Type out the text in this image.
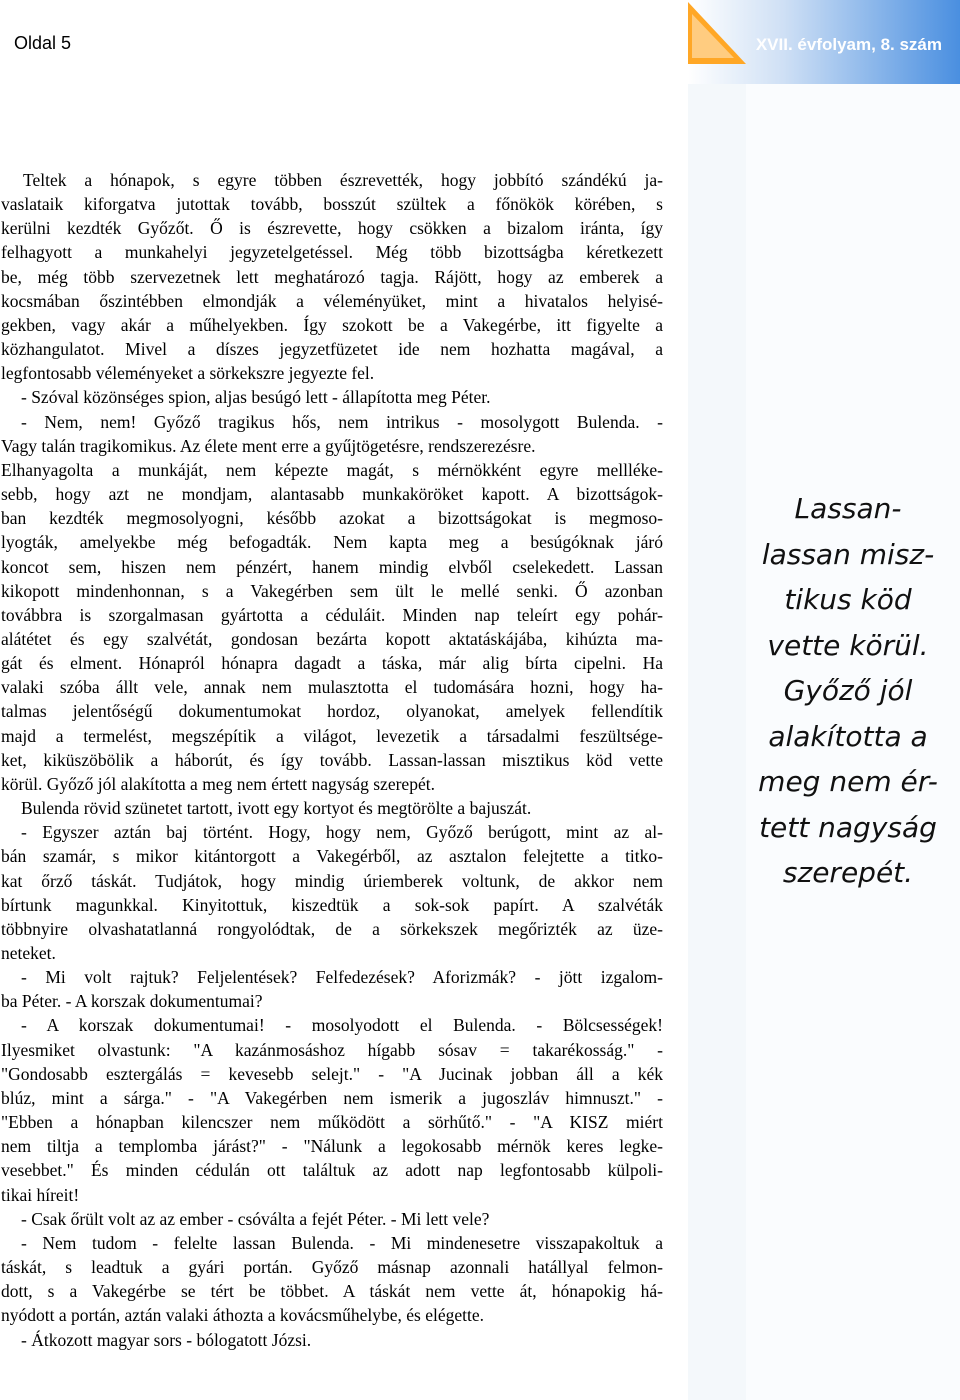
Oldal 5	XVII. évfolyam, 8. szám
Lassan-
lassan misz-
tikus köd
vette körül.
Győző jól
alakította a
meg nem ér-
tett nagyság
szerepét.

Teltek a hónapok, s egyre többen észrevették, hogy jobbító szándékú ja-
vaslataik kiforgatva jutottak tovább, bosszút szültek a főnökök körében, s
kerülni kezdték Győzőt. Ő is észrevette, hogy csökken a bizalom iránta, így
felhagyott a munkahelyi jegyzetelgetéssel. Még több bizottságba kéretkezett
be, még több szervezetnek lett meghatározó tagja. Rájött, hogy az emberek a
kocsmában őszintébben elmondják a véleményüket, mint a hivatalos helyisé-
gekben, vagy akár a műhelyekben. Így szokott be a Vakegérbe, itt figyelte a
közhangulatot. Mivel a díszes jegyzetfüzetet ide nem hozhatta magával, a
legfontosabb véleményeket a sörkekszre jegyezte fel.

- Szóval közönséges spion, aljas besúgó lett - állapította meg Péter.

- Nem, nem! Győző tragikus hős, nem intrikus - mosolygott Bulenda. -
Vagy talán tragikomikus. Az élete ment erre a gyűjtögetésre, rendszerezésre.
Elhanyagolta a munkáját, nem képezte magát, s mérnökként egyre mellléke-
sebb, hogy azt ne mondjam, alantasabb munkaköröket kapott. A bizottságok-
ban kezdték megmosolyogni, később azokat a bizottságokat is megmoso-
lyogták, amelyekbe még befogadták. Nem kapta meg a besúgóknak járó
koncot sem, hiszen nem pénzért, hanem mindig elvből cselekedett. Lassan
kikopott mindenhonnan, s a Vakegérben sem ült le mellé senki. Ő azonban
továbbra is szorgalmasan gyártotta a céduláit. Minden nap teleírt egy pohár-
alátétet és egy szalvétát, gondosan bezárta kopott aktatáskájába, kihúzta ma-
gát és elment. Hónapról hónapra dagadt a táska, már alig bírta cipelni. Ha
valaki szóba állt vele, annak nem mulasztotta el tudomására hozni, hogy ha-
talmas jelentőségű dokumentumokat hordoz, olyanokat, amelyek fellendítik
majd a termelést, megszépítik a világot, levezetik a társadalmi feszültsége-
ket, kiküszöbölik a háborút, és így tovább. Lassan-lassan misztikus köd vette
körül. Győző jól alakította a meg nem értett nagyság szerepét.

Bulenda rövid szünetet tartott, ivott egy kortyot és megtörölte a bajuszát.

- Egyszer aztán baj történt. Hogy, hogy nem, Győző berúgott, mint az al-
bán szamár, s mikor kitántorgott a Vakegérből, az asztalon felejtette a titko-
kat őrző táskát. Tudjátok, hogy mindig úriemberek voltunk, de akkor nem
bírtunk magunkkal. Kinyitottuk, kiszedtük a sok-sok papírt. A szalvéták
többnyire olvashatatlanná rongyolódtak, de a sörkekszek megőrizték az üze-
neteket.

- Mi volt rajtuk? Feljelentések? Felfedezések? Aforizmák? - jött izgalom-
ba Péter. - A korszak dokumentumai?

- A korszak dokumentumai! - mosolyodott el Bulenda. - Bölcsességek!
Ilyesmiket olvastunk: "A kazánmosáshoz hígabb sósav = takarékosság." -
"Gondosabb esztergálás = kevesebb selejt." - "A Jucinak jobban áll a kék
blúz, mint a sárga." - "A Vakegérben nem ismerik a jugoszláv himnuszt." -
"Ebben a hónapban kilencszer nem működött a sörhűtő." - "A KISZ miért
nem tiltja a templomba járást?" - "Nálunk a legokosabb mérnök keres legke-
vesebbet." És minden cédulán ott találtuk az adott nap legfontosabb külpoli-
tikai híreit!

- Csak őrült volt az az ember - csóválta a fejét Péter. - Mi lett vele?

- Nem tudom - felelte lassan Bulenda. - Mi mindenesetre visszapakoltuk a
táskát, s leadtuk a gyári portán. Győző másnap azonnali hatállyal felmon-
dott, s a Vakegérbe se tért be többet. A táskát nem vette át, hónapokig há-
nyódott a portán, aztán valaki áthozta a kovácsműhelybe, és elégette.

- Átkozott magyar sors - bólogatott Józsi.
